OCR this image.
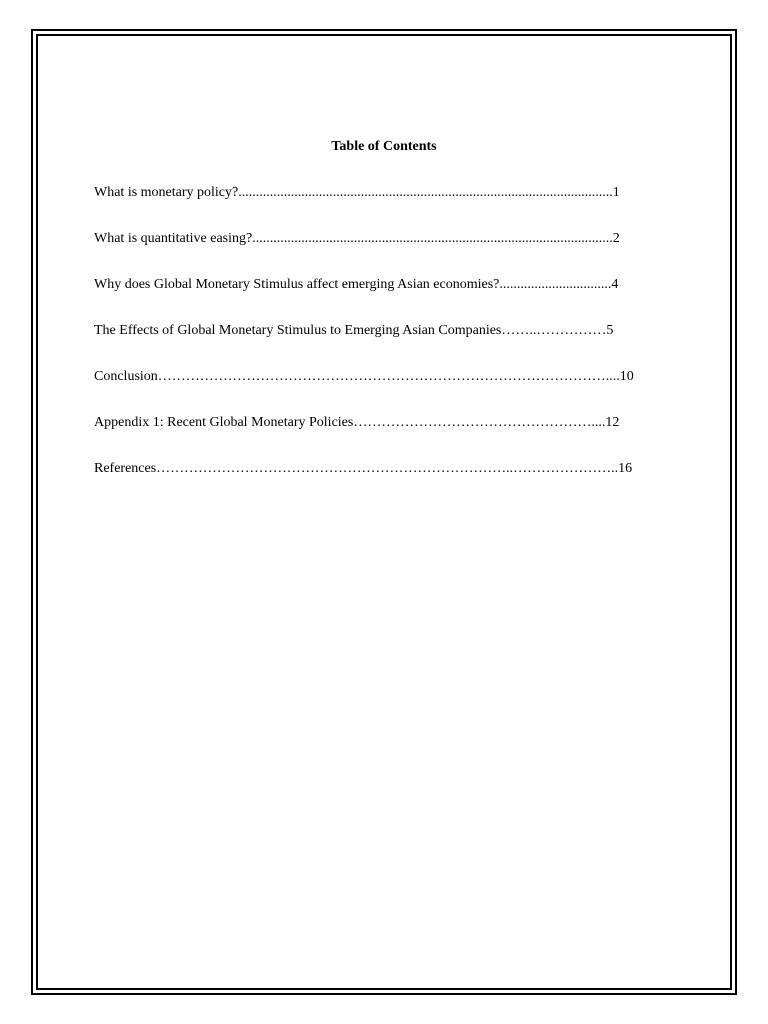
Table of Contents
What is monetary policy?...........................................................................................................1
What is quantitative easing?.......................................................................................................2
Why does Global Monetary Stimulus affect emerging Asian economies?................................4
The Effects of Global Monetary Stimulus to Emerging Asian Companies……..……………5
Conclusion……………………………………………………………………………………....10
Appendix 1: Recent Global Monetary Policies……………………………………………....12
References…………………………………………………………………..…………………..16
